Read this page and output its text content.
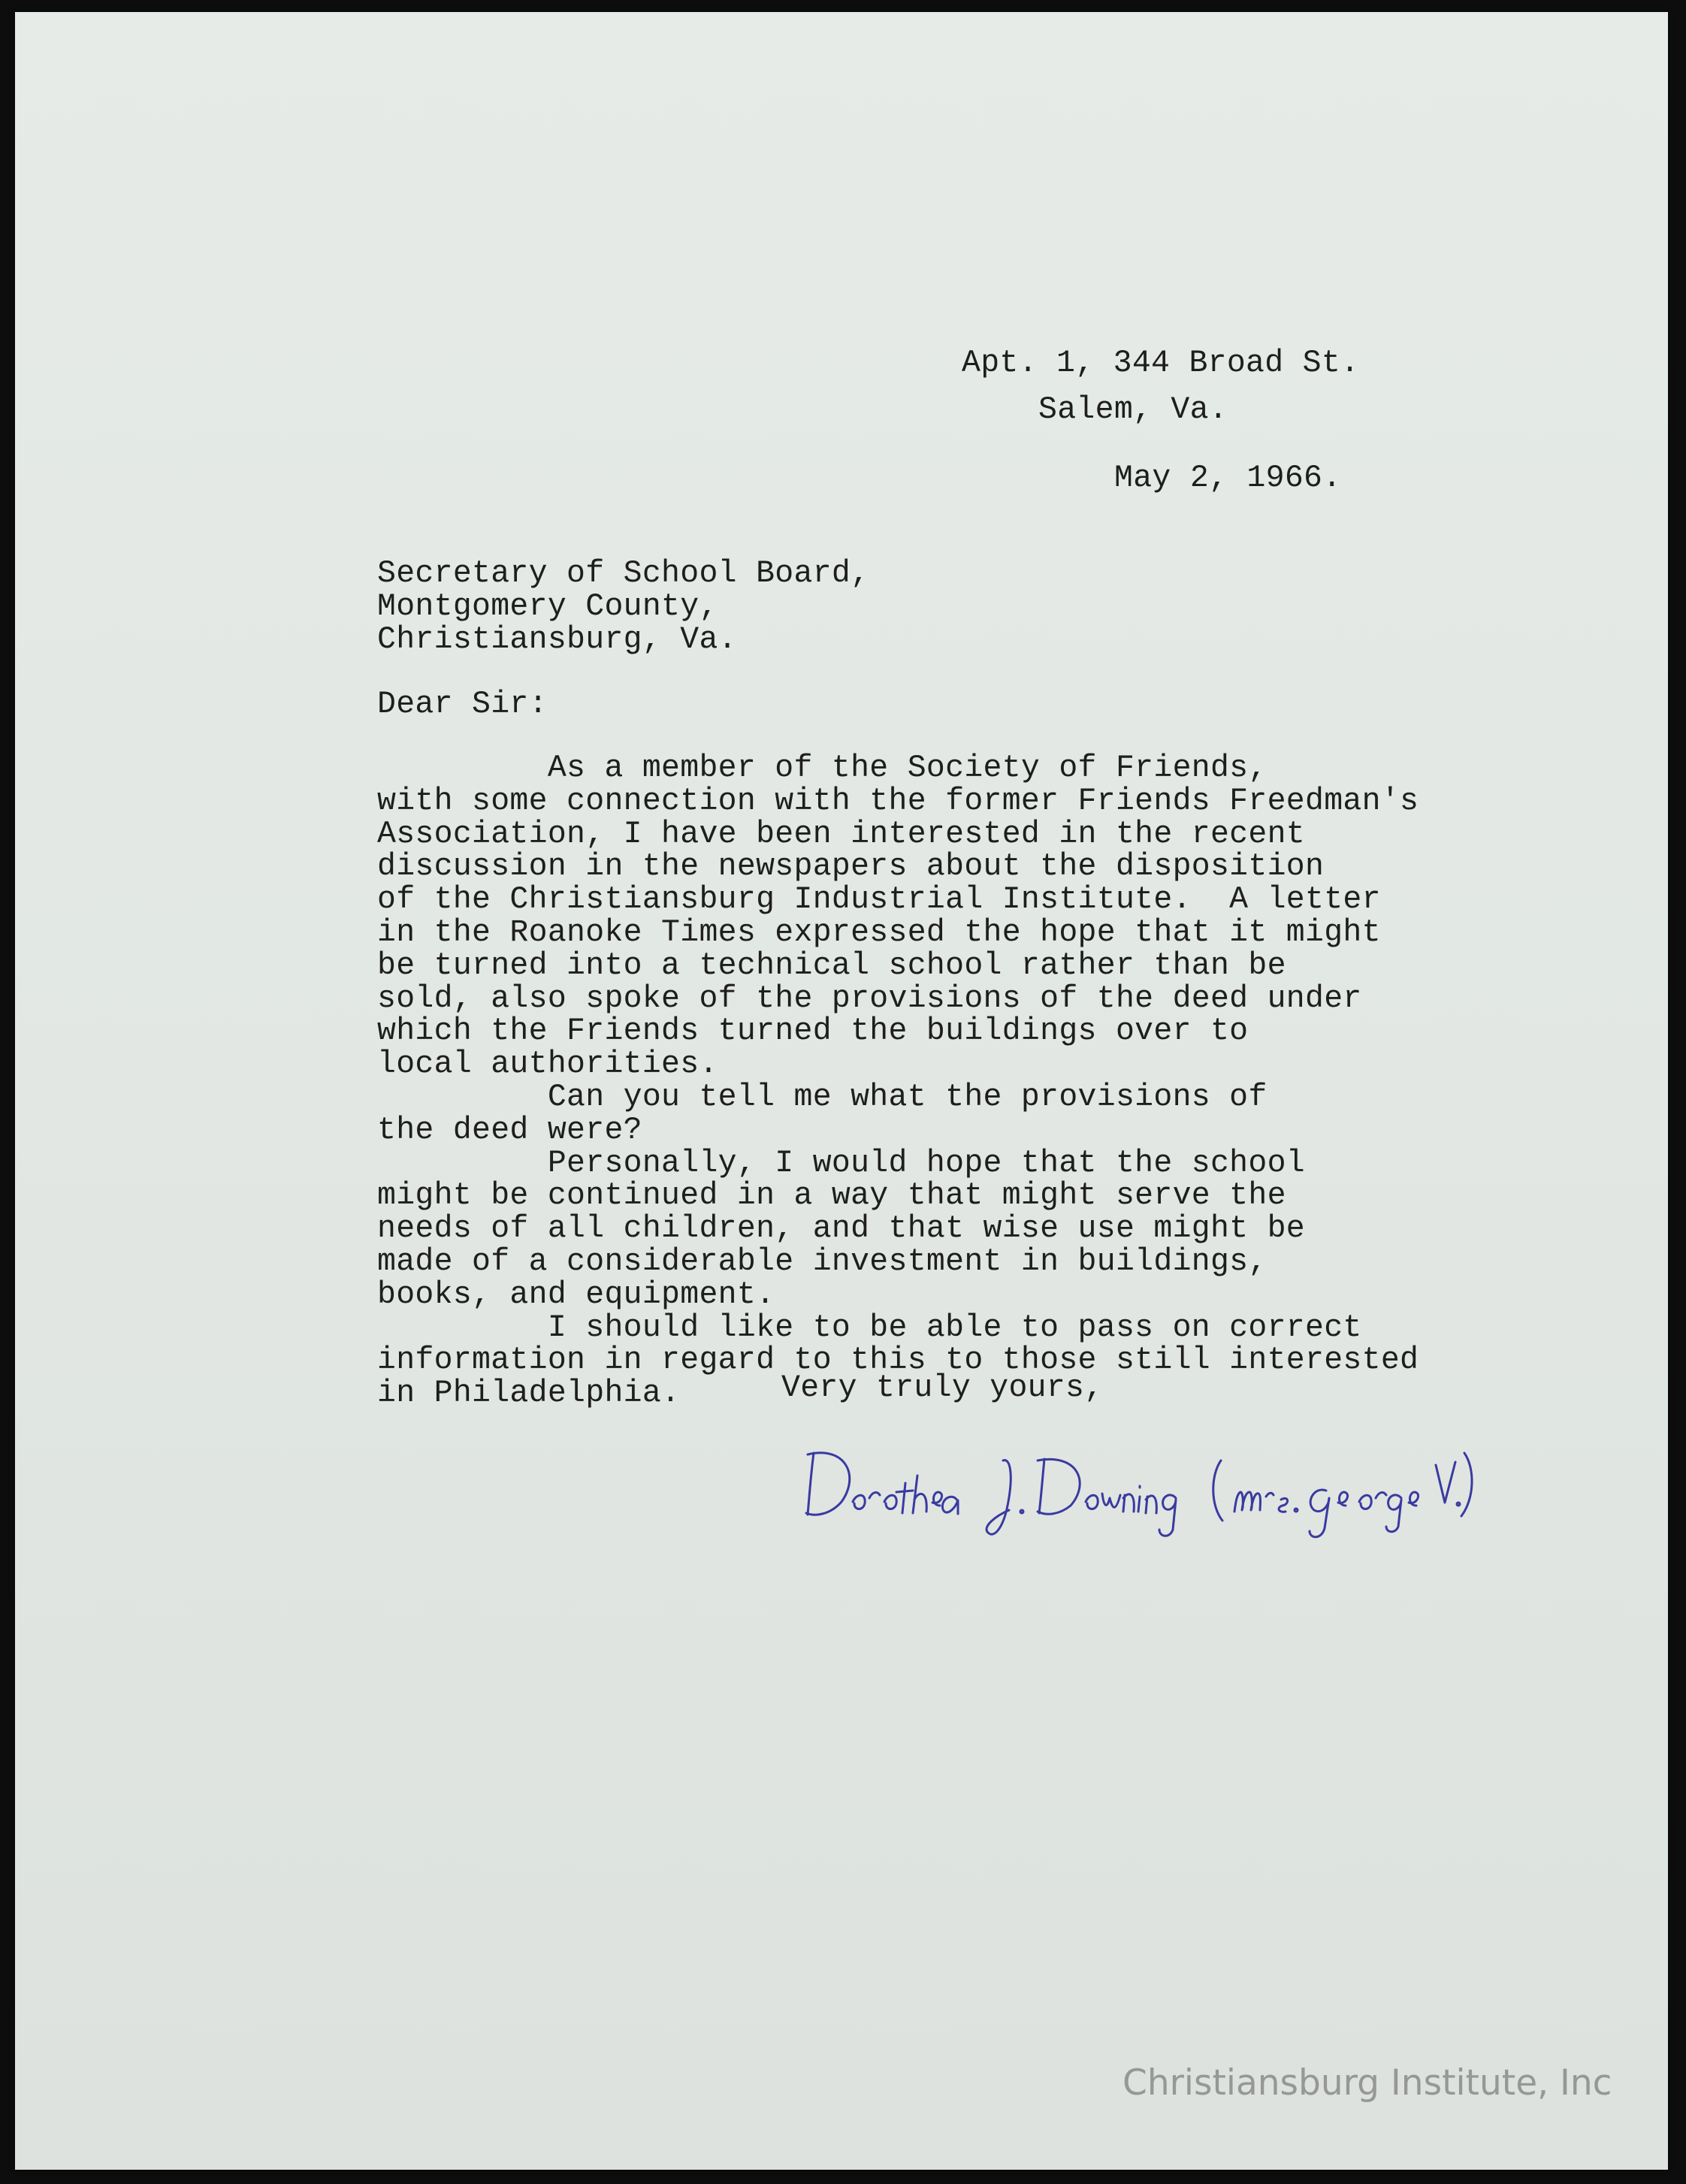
Apt. 1, 344 Broad St.
Salem, Va.
May 2, 1966.
Secretary of School Board,
Montgomery County,
Christiansburg, Va.
Dear Sir:
As a member of the Society of Friends,
with some connection with the former Friends Freedman's
Association, I have been interested in the recent
discussion in the newspapers about the disposition
of the Christiansburg Industrial Institute.  A letter
in the Roanoke Times expressed the hope that it might
be turned into a technical school rather than be
sold, also spoke of the provisions of the deed under
which the Friends turned the buildings over to
local authorities.
Can you tell me what the provisions of
the deed were?
Personally, I would hope that the school
might be continued in a way that might serve the
needs of all children, and that wise use might be
made of a considerable investment in buildings,
books, and equipment.
I should like to be able to pass on correct
information in regard to this to those still interested
in Philadelphia.	Very truly yours,
Christiansburg Institute, Inc
